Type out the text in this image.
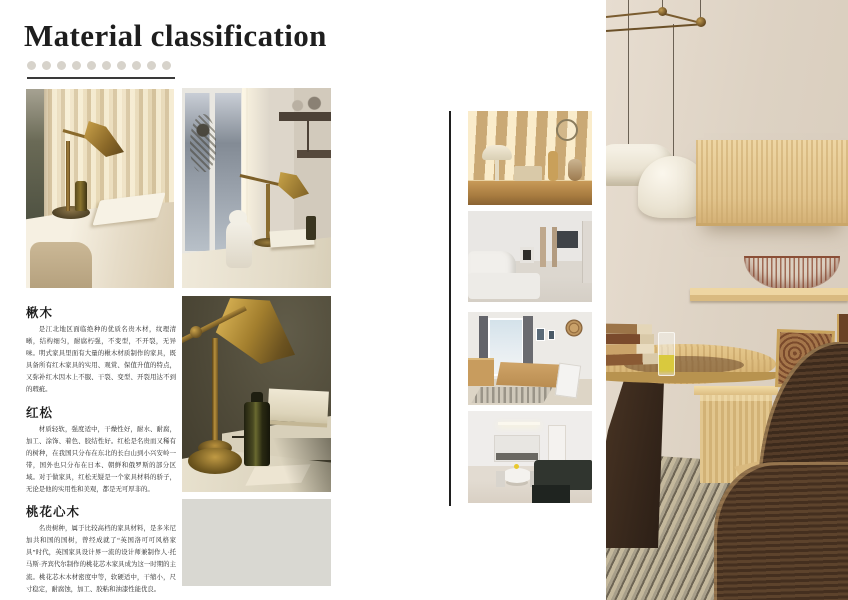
Material classification
楸木

是江北地区面临绝种的优质名贵木材，纹理清晰，结构细匀，耐腐朽强，不变型，不开裂，无异味。明式家具里面有大量的楸木材质制作的家具，既具备所有红木家具的实用、观赏、保值升值的特点，又弥补红木因木上不服、干裂、变型、开裂用达不到的瑕疵。

红松

材质轻软，强度适中，干燥性好，耐水、耐腐，加工、涂饰、着色、胶结性好。红松是名贵而又稀有的树种，在我国只分布在东北的长白山到小兴安岭一带，国外也只分布在日本、朝鲜和俄罗斯的部分区域。对于做家具，红松无疑是一个家具材料的骄子，无论是他的实用性和美观，都是无可厚非的。

桃花心木

名贵树种，属于比较高档的家具材料，是多米尼加共和国的国树，曾经成就了“英国洛可可风格家具”时代，英国家具设计界一流的设计师兼制作人·托马斯·齐宾代尔制作的桃花芯木家具成为这一时期的主流。桃花芯木木材密度中等，软硬适中，干缩小，尺寸稳定，耐腐蚀，加工、胶粘和油漆性能优良。
